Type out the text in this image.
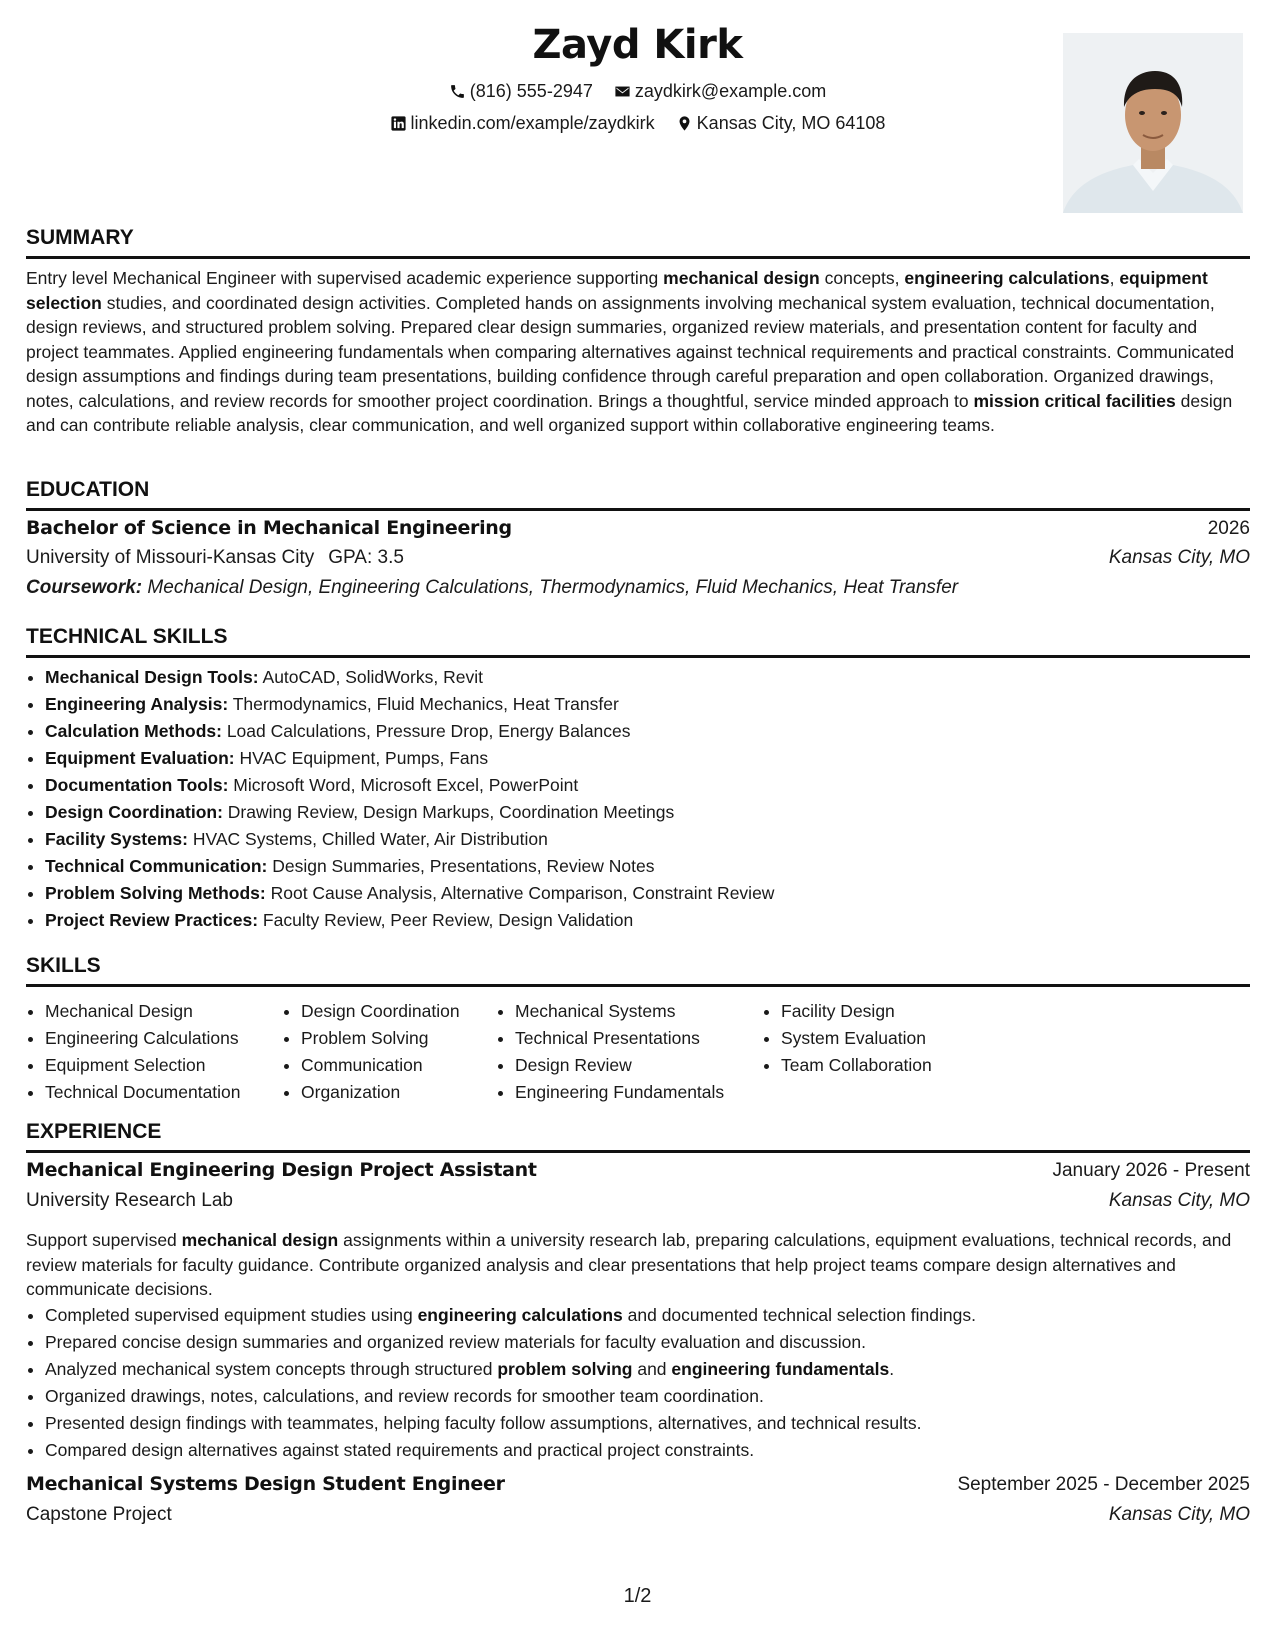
Zayd Kirk
(816) 555-2947
zaydkirk@example.com
linkedin.com/example/zaydkirk
Kansas City, MO 64108
SUMMARY
Entry level Mechanical Engineer with supervised academic experience supporting mechanical design concepts, engineering calculations, equipment selection studies, and coordinated design activities. Completed hands on assignments involving mechanical system evaluation, technical documentation, design reviews, and structured problem solving. Prepared clear design summaries, organized review materials, and presentation content for faculty and project teammates. Applied engineering fundamentals when comparing alternatives against technical requirements and practical constraints. Communicated design assumptions and findings during team presentations, building confidence through careful preparation and open collaboration. Organized drawings, notes, calculations, and review records for smoother project coordination. Brings a thoughtful, service minded approach to mission critical facilities design and can contribute reliable analysis, clear communication, and well organized support within collaborative engineering teams.
EDUCATION
Bachelor of Science in Mechanical Engineering	2026
University of Missouri-Kansas City GPA: 3.5	Kansas City, MO
Coursework: Mechanical Design, Engineering Calculations, Thermodynamics, Fluid Mechanics, Heat Transfer
TECHNICAL SKILLS
• Mechanical Design Tools: AutoCAD, SolidWorks, Revit
• Engineering Analysis: Thermodynamics, Fluid Mechanics, Heat Transfer
• Calculation Methods: Load Calculations, Pressure Drop, Energy Balances
• Equipment Evaluation: HVAC Equipment, Pumps, Fans
• Documentation Tools: Microsoft Word, Microsoft Excel, PowerPoint
• Design Coordination: Drawing Review, Design Markups, Coordination Meetings
• Facility Systems: HVAC Systems, Chilled Water, Air Distribution
• Technical Communication: Design Summaries, Presentations, Review Notes
• Problem Solving Methods: Root Cause Analysis, Alternative Comparison, Constraint Review
• Project Review Practices: Faculty Review, Peer Review, Design Validation
SKILLS
• Mechanical Design
• Engineering Calculations
• Equipment Selection
• Technical Documentation
• Design Coordination
• Problem Solving
• Communication
• Organization
• Mechanical Systems
• Technical Presentations
• Design Review
• Engineering Fundamentals
• Facility Design
• System Evaluation
• Team Collaboration
EXPERIENCE
Mechanical Engineering Design Project Assistant	January 2026 - Present
University Research Lab	Kansas City, MO
Support supervised mechanical design assignments within a university research lab, preparing calculations, equipment evaluations, technical records, and review materials for faculty guidance. Contribute organized analysis and clear presentations that help project teams compare design alternatives and communicate decisions.
• Completed supervised equipment studies using engineering calculations and documented technical selection findings.
• Prepared concise design summaries and organized review materials for faculty evaluation and discussion.
• Analyzed mechanical system concepts through structured problem solving and engineering fundamentals.
• Organized drawings, notes, calculations, and review records for smoother team coordination.
• Presented design findings with teammates, helping faculty follow assumptions, alternatives, and technical results.
• Compared design alternatives against stated requirements and practical project constraints.
Mechanical Systems Design Student Engineer	September 2025 - December 2025
Capstone Project	Kansas City, MO
1/2
